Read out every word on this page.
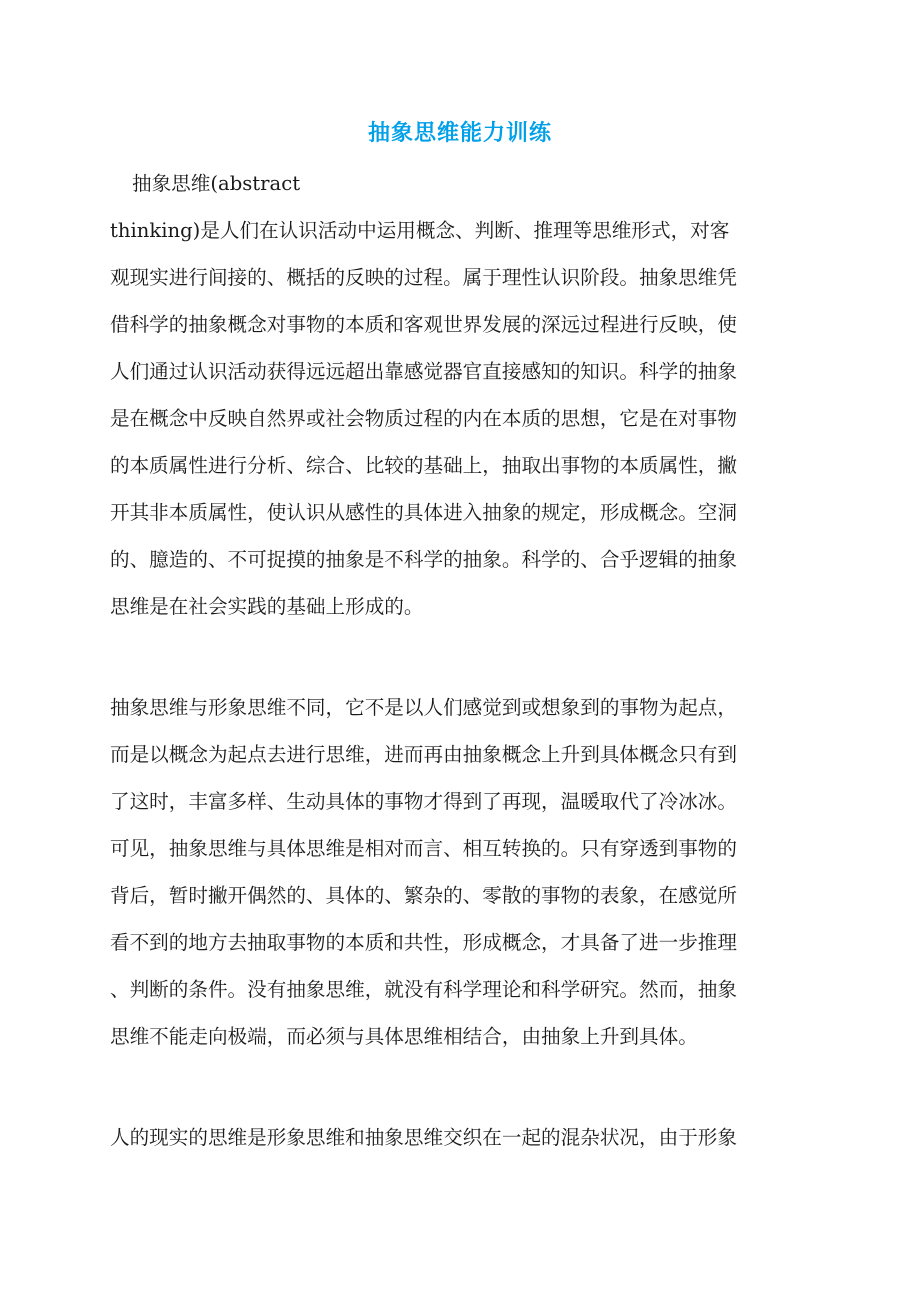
抽象思维能力训练
抽象思维(abstract
thinking)是人们在认识活动中运用概念、判断、推理等思维形式，对客
观现实进行间接的、概括的反映的过程。属于理性认识阶段。抽象思维凭
借科学的抽象概念对事物的本质和客观世界发展的深远过程进行反映，使
人们通过认识活动获得远远超出靠感觉器官直接感知的知识。科学的抽象
是在概念中反映自然界或社会物质过程的内在本质的思想，它是在对事物
的本质属性进行分析、综合、比较的基础上，抽取出事物的本质属性，撇
开其非本质属性，使认识从感性的具体进入抽象的规定，形成概念。空洞
的、臆造的、不可捉摸的抽象是不科学的抽象。科学的、合乎逻辑的抽象
思维是在社会实践的基础上形成的。
抽象思维与形象思维不同，它不是以人们感觉到或想象到的事物为起点，
而是以概念为起点去进行思维，进而再由抽象概念上升到具体概念只有到
了这时，丰富多样、生动具体的事物才得到了再现，温暖取代了冷冰冰。
可见，抽象思维与具体思维是相对而言、相互转换的。只有穿透到事物的
背后，暂时撇开偶然的、具体的、繁杂的、零散的事物的表象，在感觉所
看不到的地方去抽取事物的本质和共性，形成概念，才具备了进一步推理
、判断的条件。没有抽象思维，就没有科学理论和科学研究。然而，抽象
思维不能走向极端，而必须与具体思维相结合，由抽象上升到具体。
人的现实的思维是形象思维和抽象思维交织在一起的混杂状况，由于形象
